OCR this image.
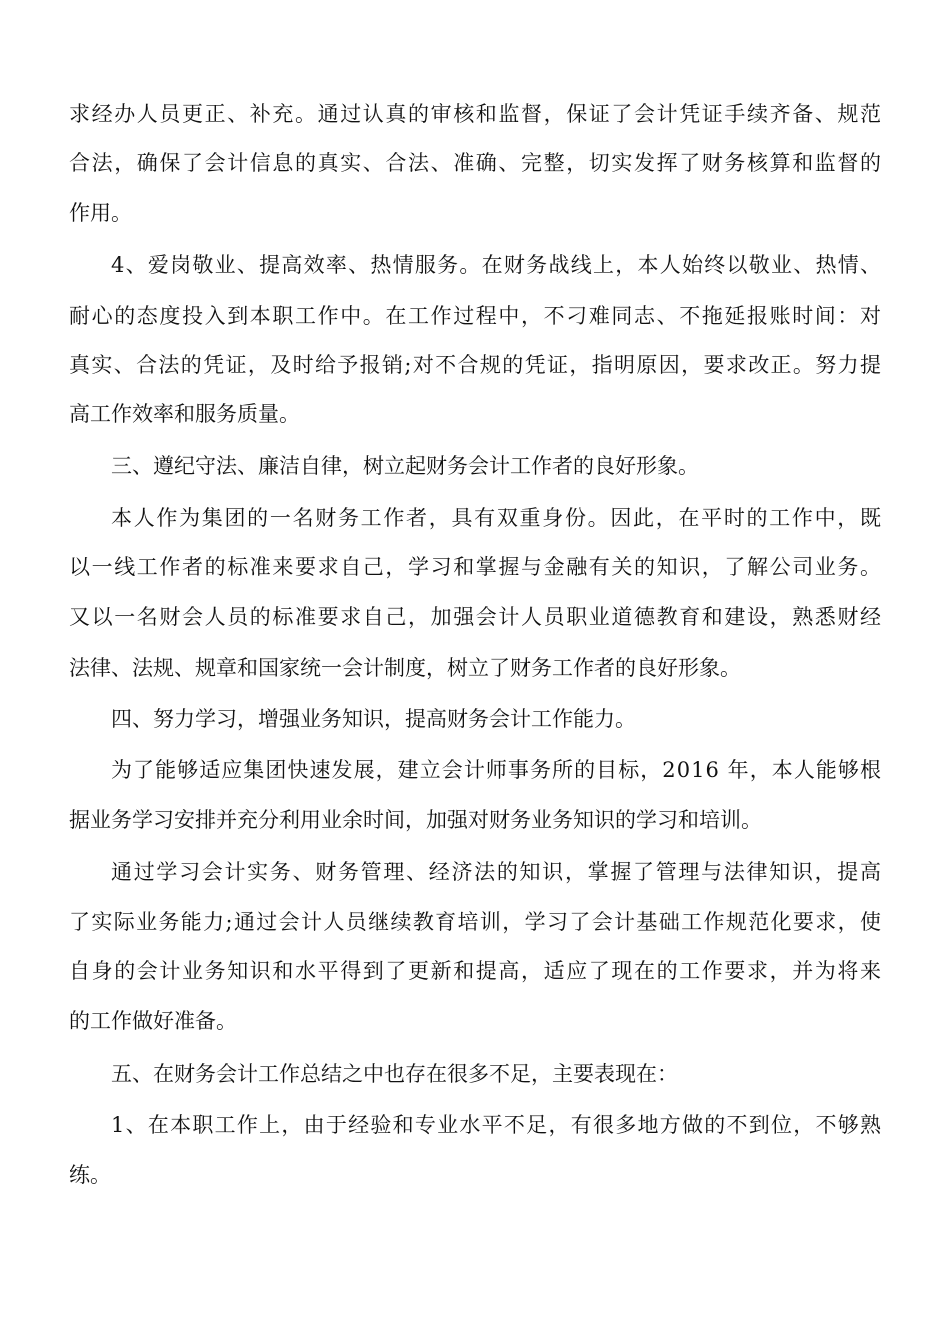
求经办人员更正、补充。通过认真的审核和监督，保证了会计凭证手续齐备、规范
合法，确保了会计信息的真实、合法、准确、完整，切实发挥了财务核算和监督的
作用。
4、爱岗敬业、提高效率、热情服务。在财务战线上，本人始终以敬业、热情、
耐心的态度投入到本职工作中。在工作过程中，不刁难同志、不拖延报账时间：对
真实、合法的凭证，及时给予报销;对不合规的凭证，指明原因，要求改正。努力提
高工作效率和服务质量。
三、遵纪守法、廉洁自律，树立起财务会计工作者的良好形象。
本人作为集团的一名财务工作者，具有双重身份。因此，在平时的工作中，既
以一线工作者的标准来要求自己，学习和掌握与金融有关的知识，了解公司业务。
又以一名财会人员的标准要求自己，加强会计人员职业道德教育和建设，熟悉财经
法律、法规、规章和国家统一会计制度，树立了财务工作者的良好形象。
四、努力学习，增强业务知识，提高财务会计工作能力。
为了能够适应集团快速发展，建立会计师事务所的目标，2016 年，本人能够根
据业务学习安排并充分利用业余时间，加强对财务业务知识的学习和培训。
通过学习会计实务、财务管理、经济法的知识，掌握了管理与法律知识，提高
了实际业务能力;通过会计人员继续教育培训，学习了会计基础工作规范化要求，使
自身的会计业务知识和水平得到了更新和提高，适应了现在的工作要求，并为将来
的工作做好准备。
五、在财务会计工作总结之中也存在很多不足，主要表现在：
1、在本职工作上，由于经验和专业水平不足，有很多地方做的不到位，不够熟
练。
